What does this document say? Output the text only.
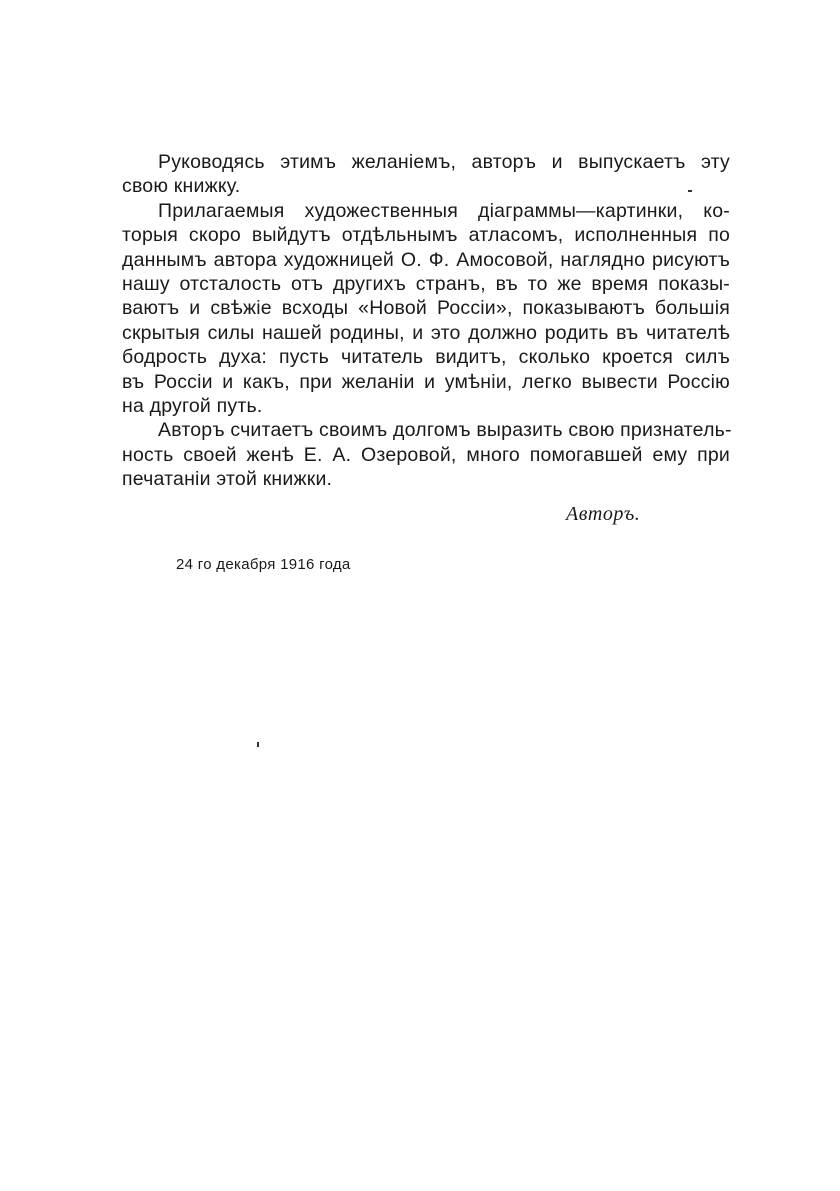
Руководясь этимъ желанiемъ, авторъ и выпускаетъ эту
свою книжку.
Прилагаемыя художественныя дiаграммы—картинки, ко-
торыя скоро выйдутъ отдѣльнымъ атласомъ, исполненныя по
даннымъ автора художницей О. Ф. Амосовой, наглядно рисуютъ
нашу отсталость отъ другихъ странъ, въ то же время показы-
ваютъ и свѣжiе всходы «Новой Россiи», показываютъ большiя
скрытыя силы нашей родины, и это должно родить въ читателѣ
бодрость духа: пусть читатель видитъ, сколько кроется силъ
въ Россiи и какъ, при желанiи и умѣнiи, легко вывести Россiю
на другой путь.
Авторъ считаетъ своимъ долгомъ выразить свою признатель-
ность своей женѣ Е. А. Озеровой, много помогавшей ему при
печатанiи этой книжки.
Авторъ.
24 го декабря 1916 года
